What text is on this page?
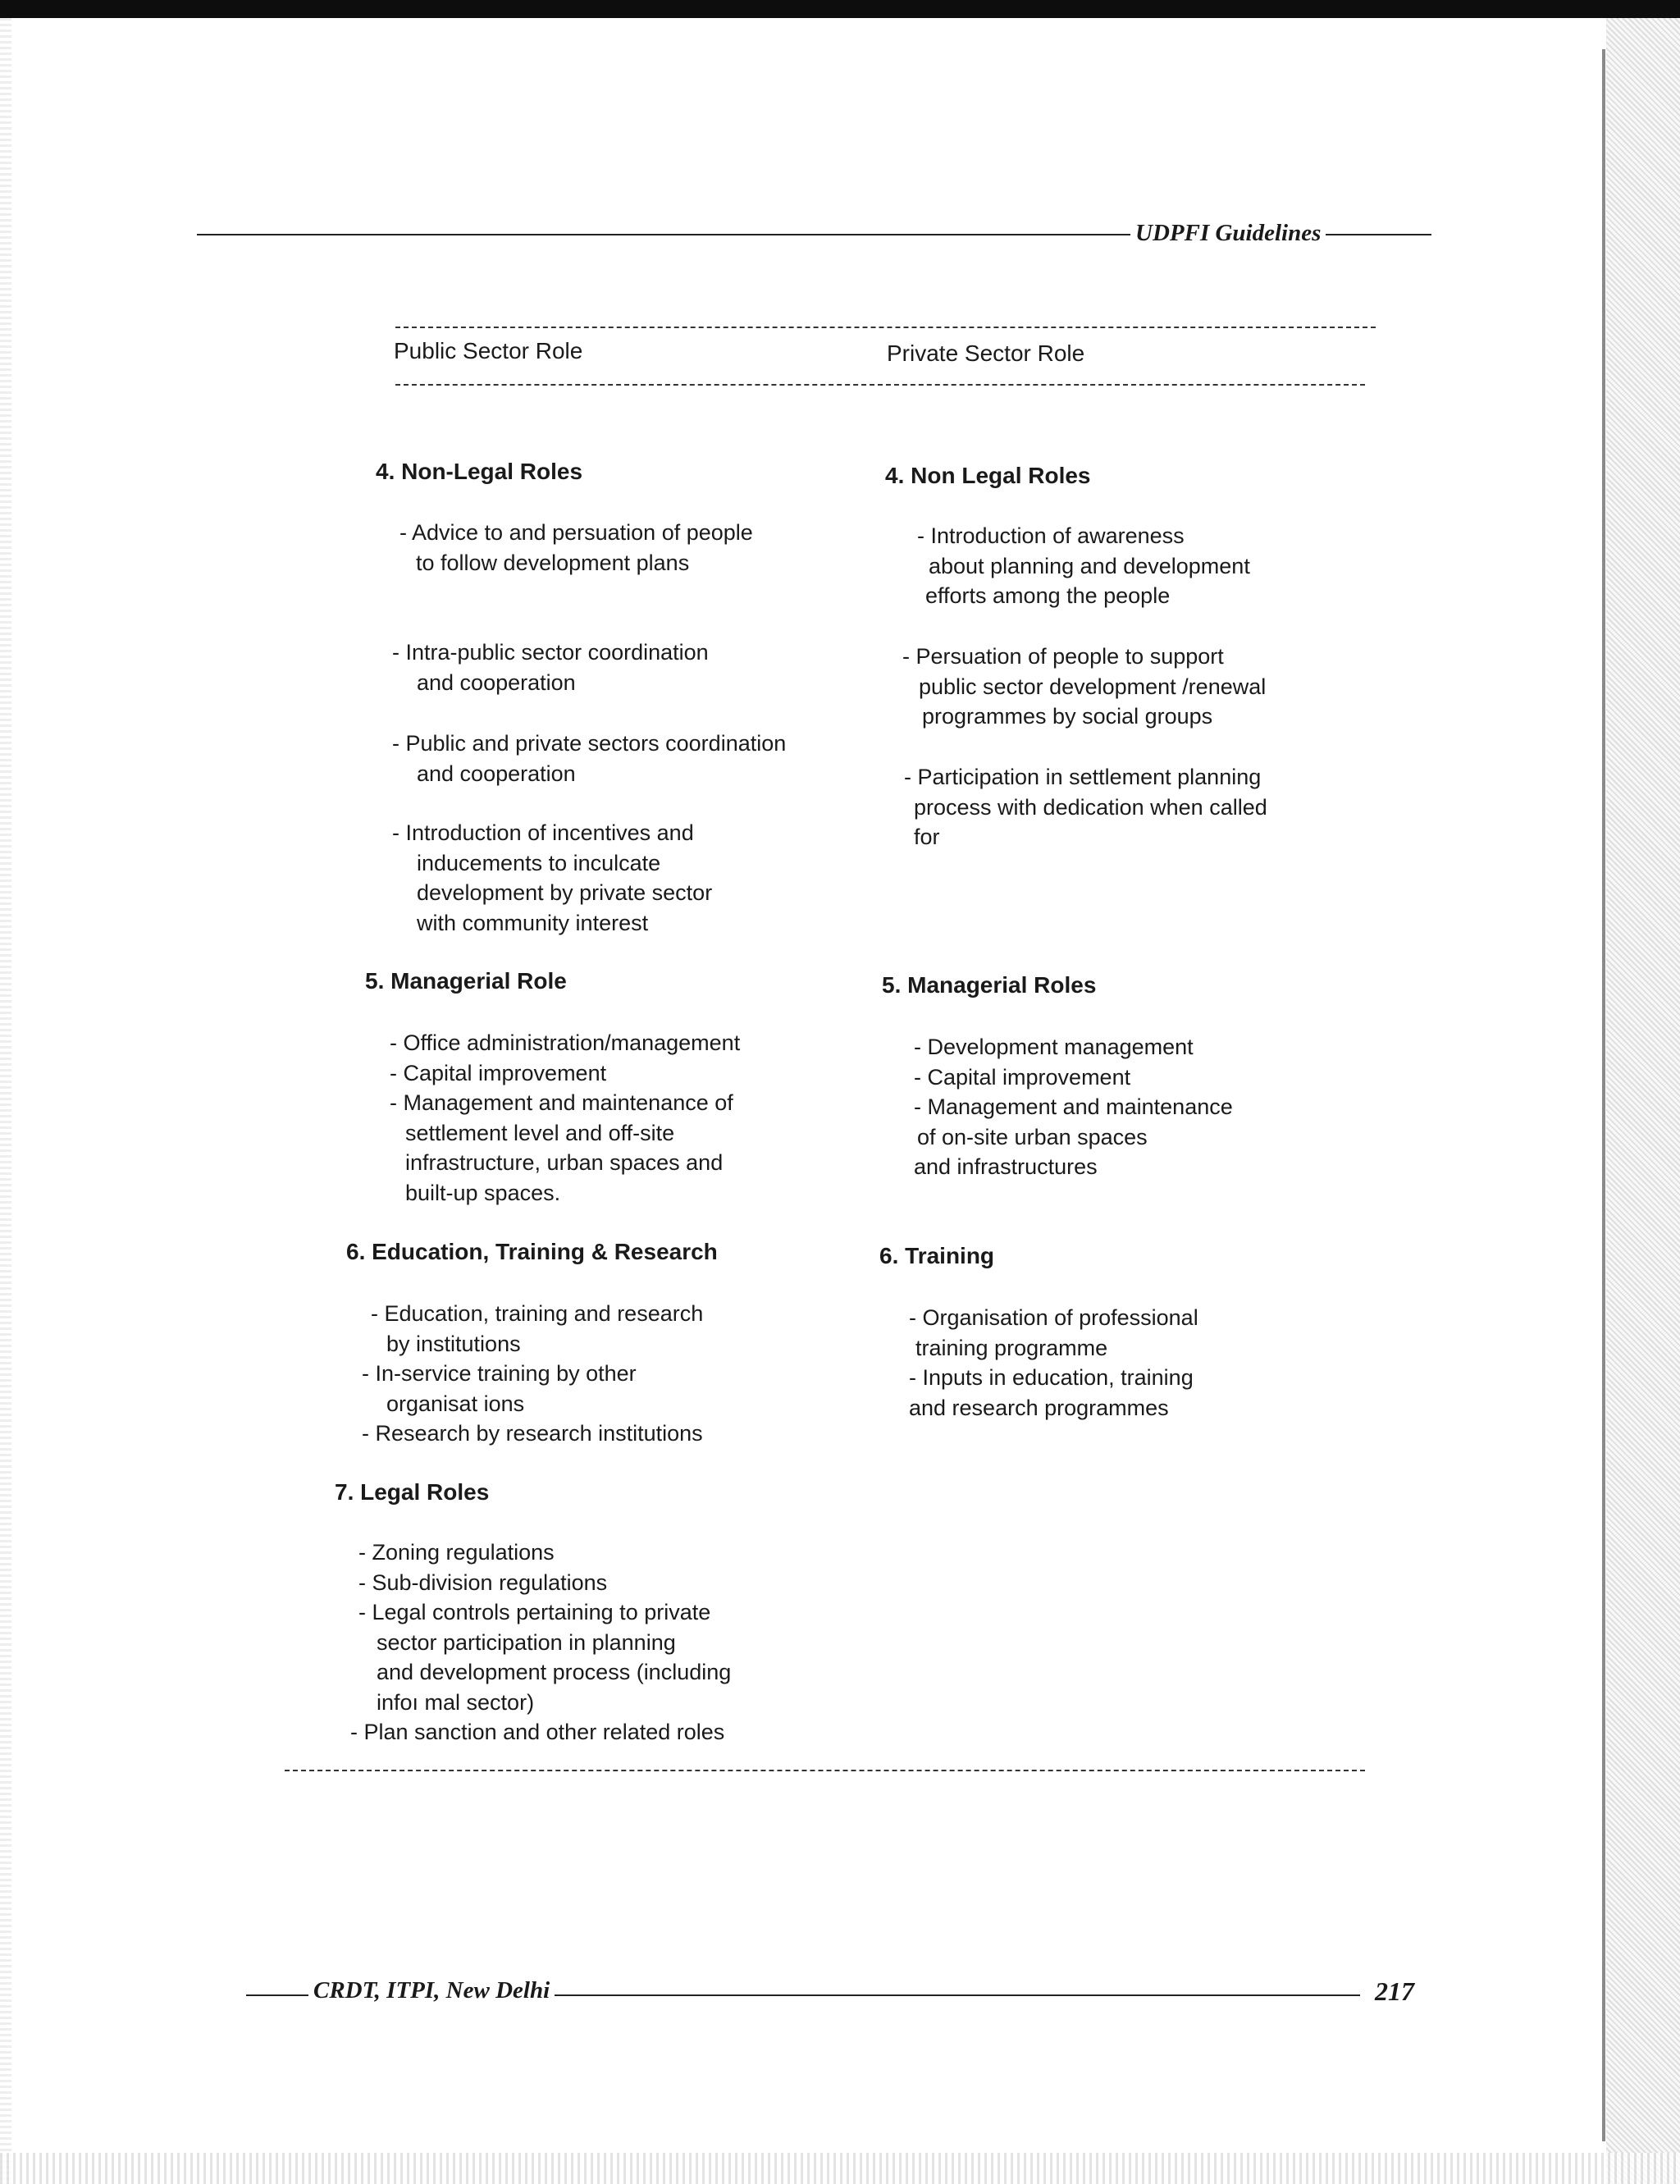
UDPFI Guidelines
Public Sector Role	Private Sector Role
4. Non-Legal Roles
- Advice to and persuation of people
to follow development plans
- Intra-public sector coordination
and cooperation
- Public and private sectors coordination
and cooperation
- Introduction of incentives and
inducements to inculcate
development by private sector
with community interest
5. Managerial Role
- Office administration/management
- Capital improvement
- Management and maintenance of
settlement level and off-site
infrastructure, urban spaces and
built-up spaces.
6. Education, Training & Research
- Education, training and research
by institutions
- In-service training by other
organisat ions
- Research by research institutions
7. Legal Roles
- Zoning regulations
- Sub-division regulations
- Legal controls pertaining to private
sector participation in planning
and development process (including
infoı mal sector)
- Plan sanction and other related roles
4. Non Legal Roles
- Introduction of awareness
about planning and development
efforts among the people
- Persuation of people to support
public sector development /renewal
programmes by social groups
- Participation in settlement planning
process with dedication when called
for
5. Managerial Roles
- Development management
- Capital improvement
- Management and maintenance
of on-site urban spaces
and infrastructures
6. Training
- Organisation of professional
training programme
- Inputs in education, training
and research programmes
CRDT, ITPI, New Delhi	217
